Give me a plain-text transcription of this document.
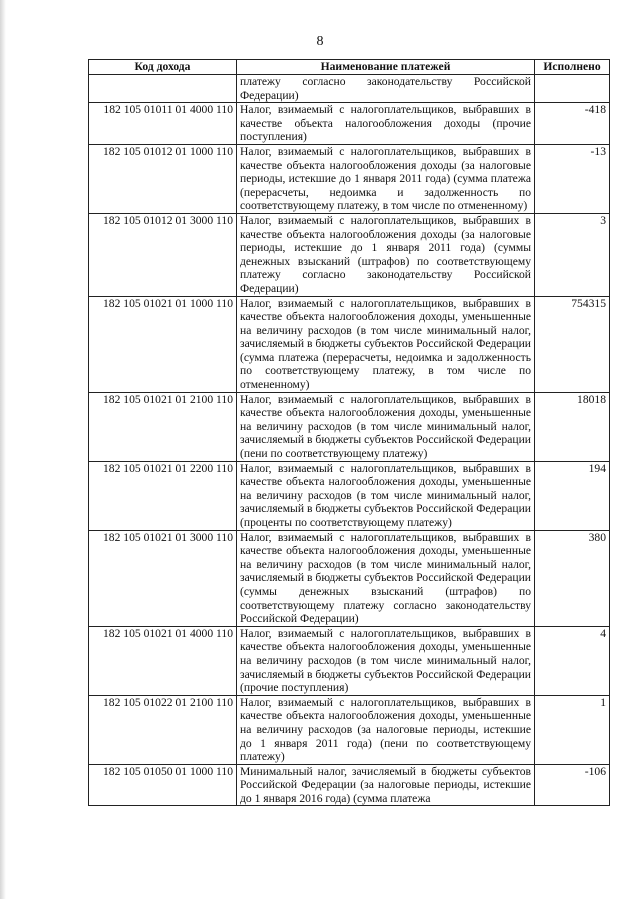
8
Код дохода	Наименование платежей	Исполнено
	платежу согласно законодательству Российской Федерации)	
182 105 01011 01 4000 110	Налог, взимаемый с налогоплательщиков, выбравших в качестве объекта налогообложения доходы (прочие поступления)	-418
182 105 01012 01 1000 110	Налог, взимаемый с налогоплательщиков, выбравших в качестве объекта налогообложения доходы (за налоговые периоды, истекшие до 1 января 2011 года) (сумма платежа (перерасчеты, недоимка и задолженность по соответствующему платежу, в том числе по отмененному)	-13
182 105 01012 01 3000 110	Налог, взимаемый с налогоплательщиков, выбравших в качестве объекта налогообложения доходы (за налоговые периоды, истекшие до 1 января 2011 года) (суммы денежных взысканий (штрафов) по соответствующему платежу согласно законодательству Российской Федерации)	3
182 105 01021 01 1000 110	Налог, взимаемый с налогоплательщиков, выбравших в качестве объекта налогообложения доходы, уменьшенные на величину расходов (в том числе минимальный налог, зачисляемый в бюджеты субъектов Российской Федерации (сумма платежа (перерасчеты, недоимка и задолженность по соответствующему платежу, в том числе по отмененному)	754315
182 105 01021 01 2100 110	Налог, взимаемый с налогоплательщиков, выбравших в качестве объекта налогообложения доходы, уменьшенные на величину расходов (в том числе минимальный налог, зачисляемый в бюджеты субъектов Российской Федерации (пени по соответствующему платежу)	18018
182 105 01021 01 2200 110	Налог, взимаемый с налогоплательщиков, выбравших в качестве объекта налогообложения доходы, уменьшенные на величину расходов (в том числе минимальный налог, зачисляемый в бюджеты субъектов Российской Федерации (проценты по соответствующему платежу)	194
182 105 01021 01 3000 110	Налог, взимаемый с налогоплательщиков, выбравших в качестве объекта налогообложения доходы, уменьшенные на величину расходов (в том числе минимальный налог, зачисляемый в бюджеты субъектов Российской Федерации (суммы денежных взысканий (штрафов) по соответствующему платежу согласно законодательству Российской Федерации)	380
182 105 01021 01 4000 110	Налог, взимаемый с налогоплательщиков, выбравших в качестве объекта налогообложения доходы, уменьшенные на величину расходов (в том числе минимальный налог, зачисляемый в бюджеты субъектов Российской Федерации (прочие поступления)	4
182 105 01022 01 2100 110	Налог, взимаемый с налогоплательщиков, выбравших в качестве объекта налогообложения доходы, уменьшенные на величину расходов (за налоговые периоды, истекшие до 1 января 2011 года) (пени по соответствующему платежу)	1
182 105 01050 01 1000 110	Минимальный налог, зачисляемый в бюджеты субъектов Российской Федерации (за налоговые периоды, истекшие до 1 января 2016 года) (сумма платежа	-106
